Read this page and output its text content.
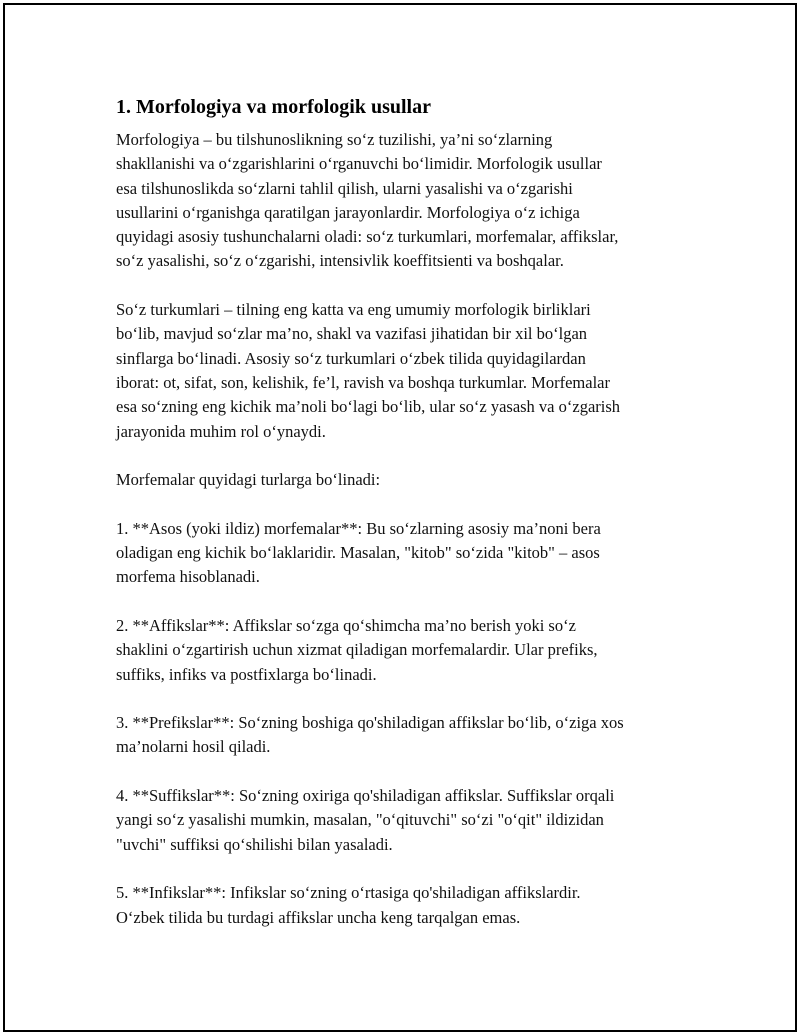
1. Morfologiya va morfologik usullar
Morfologiya – bu tilshunoslikning so‘z tuzilishi, ya’ni so‘zlarning
shakllanishi va o‘zgarishlarini o‘rganuvchi bo‘limidir. Morfologik usullar
esa tilshunoslikda so‘zlarni tahlil qilish, ularni yasalishi va o‘zgarishi
usullarini o‘rganishga qaratilgan jarayonlardir. Morfologiya o‘z ichiga
quyidagi asosiy tushunchalarni oladi: so‘z turkumlari, morfemalar, affikslar,
so‘z yasalishi, so‘z o‘zgarishi, intensivlik koeffitsienti va boshqalar.
So‘z turkumlari – tilning eng katta va eng umumiy morfologik birliklari
bo‘lib, mavjud so‘zlar ma’no, shakl va vazifasi jihatidan bir xil bo‘lgan
sinflarga bo‘linadi. Asosiy so‘z turkumlari o‘zbek tilida quyidagilardan
iborat: ot, sifat, son, kelishik, fe’l, ravish va boshqa turkumlar. Morfemalar
esa so‘zning eng kichik ma’noli bo‘lagi bo‘lib, ular so‘z yasash va o‘zgarish
jarayonida muhim rol o‘ynaydi.
Morfemalar quyidagi turlarga bo‘linadi:
1. **Asos (yoki ildiz) morfemalar**: Bu so‘zlarning asosiy ma’noni bera
oladigan eng kichik bo‘laklaridir. Masalan, "kitob" so‘zida "kitob" – asos
morfema hisoblanadi.
2. **Affikslar**: Affikslar so‘zga qo‘shimcha ma’no berish yoki so‘z
shaklini o‘zgartirish uchun xizmat qiladigan morfemalardir. Ular prefiks,
suffiks, infiks va postfixlarga bo‘linadi.
3. **Prefikslar**: So‘zning boshiga qo'shiladigan affikslar bo‘lib, o‘ziga xos
ma’nolarni hosil qiladi.
4. **Suffikslar**: So‘zning oxiriga qo'shiladigan affikslar. Suffikslar orqali
yangi so‘z yasalishi mumkin, masalan, "o‘qituvchi" so‘zi "o‘qit" ildizidan
"uvchi" suffiksi qo‘shilishi bilan yasaladi.
5. **Infikslar**: Infikslar so‘zning o‘rtasiga qo'shiladigan affikslardir.
O‘zbek tilida bu turdagi affikslar uncha keng tarqalgan emas.
